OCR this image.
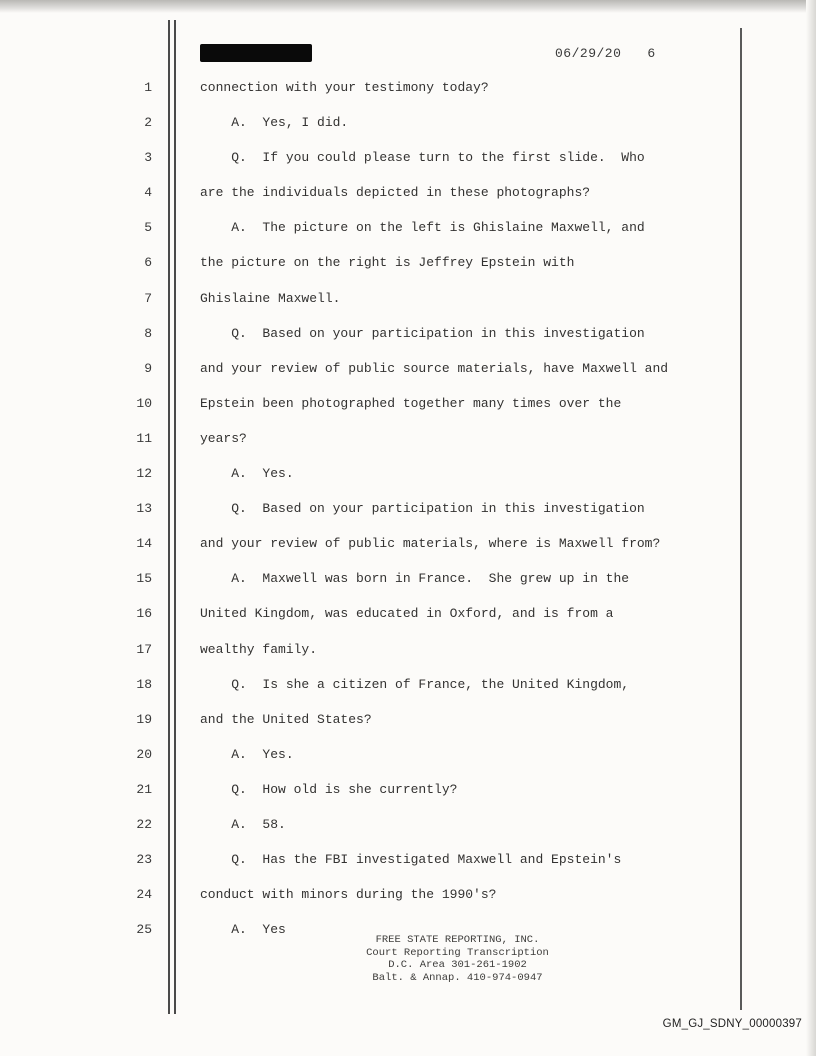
06/29/20 6
1	connection with your testimony today?
2	A.  Yes, I did.
3	Q.  If you could please turn to the first slide.  Who
4	are the individuals depicted in these photographs?
5	A.  The picture on the left is Ghislaine Maxwell, and
6	the picture on the right is Jeffrey Epstein with
7	Ghislaine Maxwell.
8	Q.  Based on your participation in this investigation
9	and your review of public source materials, have Maxwell and
10	Epstein been photographed together many times over the
11	years?
12	A.  Yes.
13	Q.  Based on your participation in this investigation
14	and your review of public materials, where is Maxwell from?
15	A.  Maxwell was born in France.  She grew up in the
16	United Kingdom, was educated in Oxford, and is from a
17	wealthy family.
18	Q.  Is she a citizen of France, the United Kingdom,
19	and the United States?
20	A.  Yes.
21	Q.  How old is she currently?
22	A.  58.
23	Q.  Has the FBI investigated Maxwell and Epstein's
24	conduct with minors during the 1990's?
25	A.  Yes
FREE STATE REPORTING, INC.
Court Reporting Transcription
D.C. Area 301-261-1902
Balt. & Annap. 410-974-0947
GM_GJ_SDNY_00000397
